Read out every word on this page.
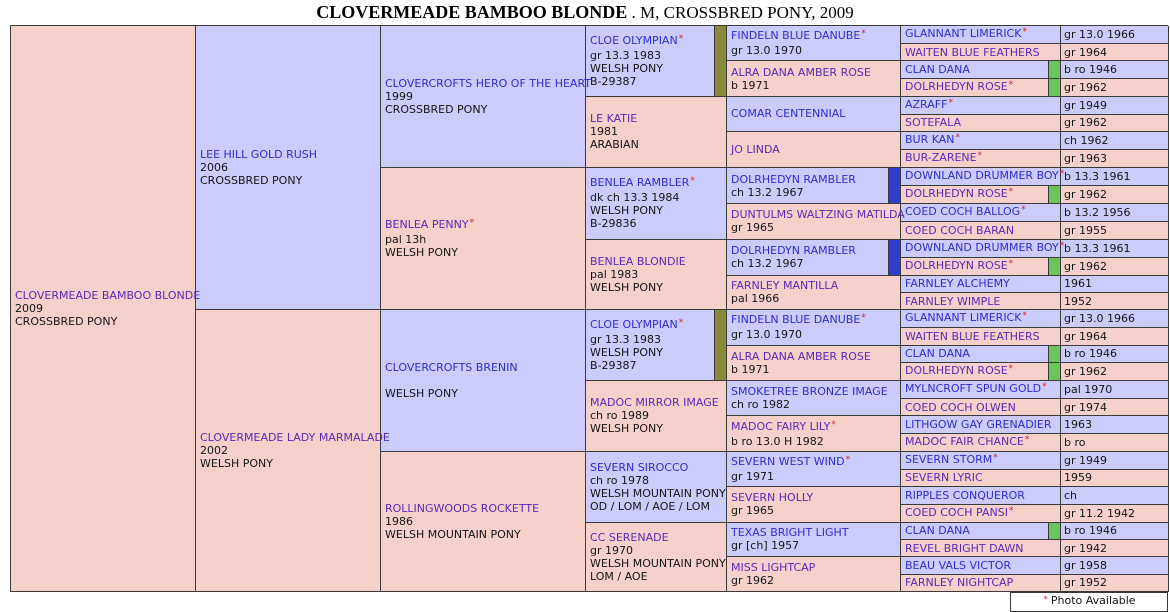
CLOVERMEADE BAMBOO BLONDE . M, CROSSBRED PONY, 2009
CLOVERMEADE BAMBOO BLONDE
2009
CROSSBRED PONY
LEE HILL GOLD RUSH
2006
CROSSBRED PONY
CLOVERMEADE LADY MARMALADE
2002
WELSH PONY
CLOVERCROFTS HERO OF THE HEART
1999
CROSSBRED PONY
BENLEA PENNY*
pal 13h
WELSH PONY
CLOVERCROFTS BRENIN
WELSH PONY
ROLLINGWOODS ROCKETTE
1986
WELSH MOUNTAIN PONY
CLOE OLYMPIAN*
gr 13.3 1983
WELSH PONY
B-29387
LE KATIE
1981
ARABIAN
BENLEA RAMBLER*
dk ch 13.3 1984
WELSH PONY
B-29836
BENLEA BLONDIE
pal 1983
WELSH PONY
CLOE OLYMPIAN*
gr 13.3 1983
WELSH PONY
B-29387
MADOC MIRROR IMAGE
ch ro 1989
WELSH PONY
SEVERN SIROCCO
ch ro 1978
WELSH MOUNTAIN PONY
OD / LOM / AOE / LOM
CC SERENADE
gr 1970
WELSH MOUNTAIN PONY
LOM / AOE
FINDELN BLUE DANUBE*
gr 13.0 1970
ALRA DANA AMBER ROSE
b 1971
COMAR CENTENNIAL
JO LINDA
DOLRHEDYN RAMBLER
ch 13.2 1967
DUNTULMS WALTZING MATILDA
gr 1965
DOLRHEDYN RAMBLER
ch 13.2 1967
FARNLEY MANTILLA
pal 1966
FINDELN BLUE DANUBE*
gr 13.0 1970
ALRA DANA AMBER ROSE
b 1971
SMOKETREE BRONZE IMAGE
ch ro 1982
MADOC FAIRY LILY*
b ro 13.0 H 1982
SEVERN WEST WIND*
gr 1971
SEVERN HOLLY
gr 1965
TEXAS BRIGHT LIGHT
gr [ch] 1957
MISS LIGHTCAP
gr 1962
GLANNANT LIMERICK*	gr 13.0 1966
WAITEN BLUE FEATHERS	gr 1964
CLAN DANA	b ro 1946
DOLRHEDYN ROSE*	gr 1962
AZRAFF*	gr 1949
SOTEFALA	gr 1962
BUR KAN*	ch 1962
BUR-ZARENE*	gr 1963
DOWNLAND DRUMMER BOY* b 13.3 1961
DOLRHEDYN ROSE*	gr 1962
COED COCH BALLOG*	b 13.2 1956
COED COCH BARAN	gr 1955
DOWNLAND DRUMMER BOY* b 13.3 1961
DOLRHEDYN ROSE*	gr 1962
FARNLEY ALCHEMY	1961
FARNLEY WIMPLE	1952
GLANNANT LIMERICK*	gr 13.0 1966
WAITEN BLUE FEATHERS	gr 1964
CLAN DANA	b ro 1946
DOLRHEDYN ROSE*	gr 1962
MYLNCROFT SPUN GOLD*	pal 1970
COED COCH OLWEN	gr 1974
LITHGOW GAY GRENADIER	1963
MADOC FAIR CHANCE*	b ro
SEVERN STORM*	gr 1949
SEVERN LYRIC	1959
RIPPLES CONQUEROR	ch
COED COCH PANSI*	gr 11.2 1942
CLAN DANA	b ro 1946
REVEL BRIGHT DAWN	gr 1942
BEAU VALS VICTOR	gr 1958
FARNLEY NIGHTCAP	gr 1952
* Photo Available
